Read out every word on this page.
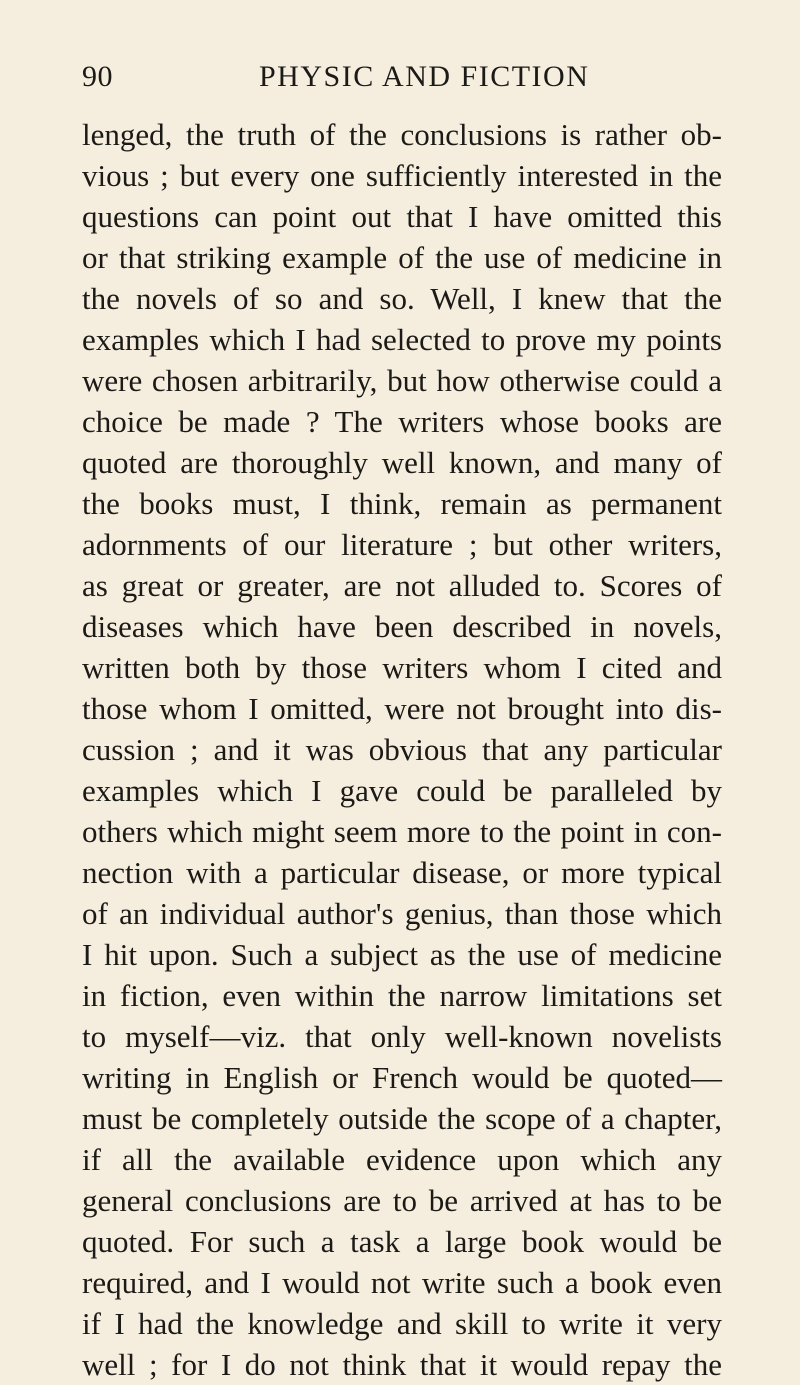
90	PHYSIC AND FICTION
lenged, the truth of the conclusions is rather ob-
vious ; but every one sufficiently interested in the
questions can point out that I have omitted this
or that striking example of the use of medicine in
the novels of so and so. Well, I knew that the
examples which I had selected to prove my points
were chosen arbitrarily, but how otherwise could a
choice be made ? The writers whose books are
quoted are thoroughly well known, and many of
the books must, I think, remain as permanent
adornments of our literature ; but other writers,
as great or greater, are not alluded to. Scores of
diseases which have been described in novels,
written both by those writers whom I cited and
those whom I omitted, were not brought into dis-
cussion ; and it was obvious that any particular
examples which I gave could be paralleled by
others which might seem more to the point in con-
nection with a particular disease, or more typical
of an individual author's genius, than those which
I hit upon. Such a subject as the use of medicine
in fiction, even within the narrow limitations set
to myself—viz. that only well-known novelists
writing in English or French would be quoted—
must be completely outside the scope of a chapter,
if all the available evidence upon which any
general conclusions are to be arrived at has to be
quoted. For such a task a large book would be
required, and I would not write such a book even
if I had the knowledge and skill to write it very
well ; for I do not think that it would repay the
